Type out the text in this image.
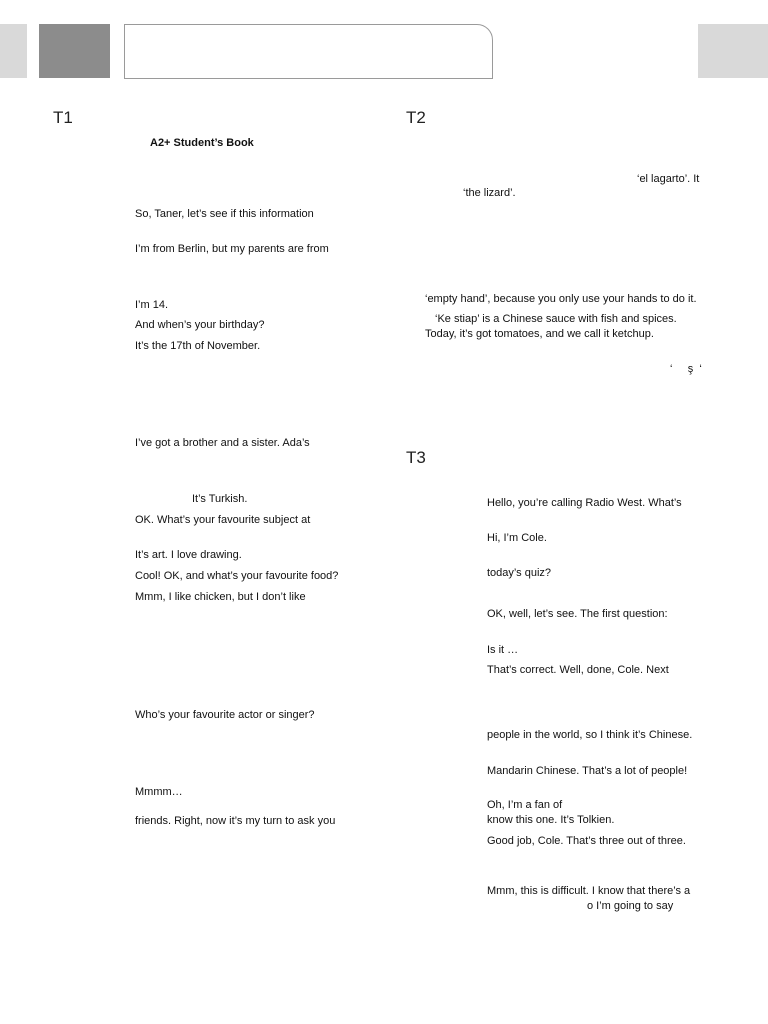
T1	T2
T3
A2+ Student’s Book
So, Taner, let’s see if this information
I’m from Berlin, but my parents are from
I’m 14.
And when’s your birthday?
It’s the 17th of November.
I’ve got a brother and a sister. Ada’s
It’s Turkish.
OK. What’s your favourite subject at
It’s art. I love drawing.
Cool! OK, and what’s your favourite food?
Mmm, I like chicken, but I don’t like
Who’s your favourite actor or singer?
Mmmm…
friends. Right, now it’s my turn to ask you
‘el lagarto’. It
‘the lizard’.
‘empty hand’, because you only use your hands to do it.
‘Ke stiap’ is a Chinese sauce with fish and spices.
Today, it’s got tomatoes, and we call it ketchup.
‘     ş  ‘
Hello, you’re calling Radio West. What’s
Hi, I’m Cole.
today’s quiz?
OK, well, let’s see. The first question:
Is it …
That’s correct. Well, done, Cole. Next
people in the world, so I think it’s Chinese.
Mandarin Chinese. That’s a lot of people!
Oh, I’m a fan of
know this one. It’s Tolkien.
Good job, Cole. That’s three out of three.
Mmm, this is difficult. I know that there’s a
o I’m going to say
